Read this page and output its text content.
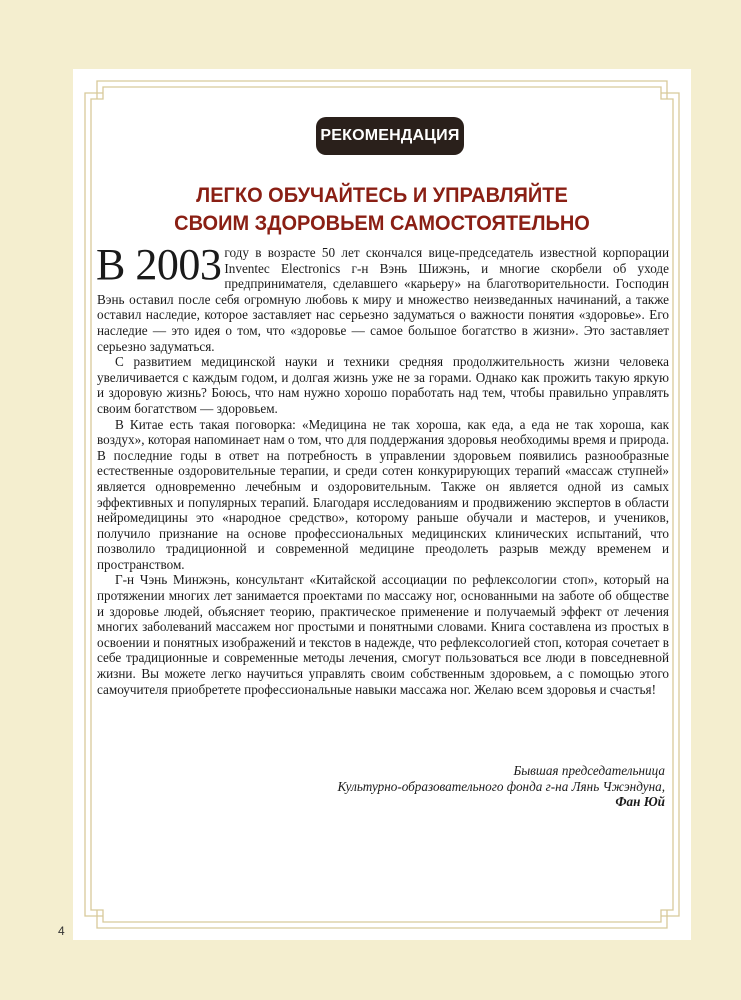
4
РЕКОМЕНДАЦИЯ
ЛЕГКО ОБУЧАЙТЕСЬ И УПРАВЛЯЙТЕ
СВОИМ ЗДОРОВЬЕМ САМОСТОЯТЕЛЬНО

В 2003 году в возрасте 50 лет скончался вице-председатель известной корпорации Inventec Electronics г-н Вэнь Шижэнь, и многие скорбели об уходе предпринимателя, сделавшего «карьеру» на благотворительности. Господин Вэнь оставил после себя огромную любовь к миру и множество неизведанных начинаний, а также оставил наследие, которое заставляет нас серьезно задуматься о важности понятия «здоровье». Его наследие — это идея о том, что «здоровье — самое большое богатство в жизни». Это заставляет серьезно задуматься.

С развитием медицинской науки и техники средняя продолжительность жизни человека увеличивается с каждым годом, и долгая жизнь уже не за горами. Однако как прожить такую яркую и здоровую жизнь? Боюсь, что нам нужно хорошо поработать над тем, чтобы правильно управлять своим богатством — здоровьем.

В Китае есть такая поговорка: «Медицина не так хороша, как еда, а еда не так хороша, как воздух», которая напоминает нам о том, что для поддержания здоровья необходимы время и природа. В последние годы в ответ на потребность в управлении здоровьем появились разнообразные естественные оздоровительные терапии, и среди сотен конкурирующих терапий «массаж ступней» является одновременно лечебным и оздоровительным. Также он является одной из самых эффективных и популярных терапий. Благодаря исследованиям и продвижению экспертов в области нейромедицины это «народное средство», которому раньше обучали и мастеров, и учеников, получило признание на основе профессиональных медицинских клинических испытаний, что позволило традиционной и современной медицине преодолеть разрыв между временем и пространством.

Г-н Чэнь Минжэнь, консультант «Китайской ассоциации по рефлексологии стоп», который на протяжении многих лет занимается проектами по массажу ног, основанными на заботе об обществе и здоровье людей, объясняет теорию, практическое применение и получаемый эффект от лечения многих заболеваний массажем ног простыми и понятными словами. Книга составлена из простых в освоении и понятных изображений и текстов в надежде, что рефлексологией стоп, которая сочетает в себе традиционные и современные методы лечения, смогут пользоваться все люди в повседневной жизни. Вы можете легко научиться управлять своим собственным здоровьем, а с помощью этого самоучителя приобретете профессиональные навыки массажа ног. Желаю всем здоровья и счастья!

Бывшая председательница
Культурно-образовательного фонда г-на Лянь Чжэндуна,
Фан Юй
